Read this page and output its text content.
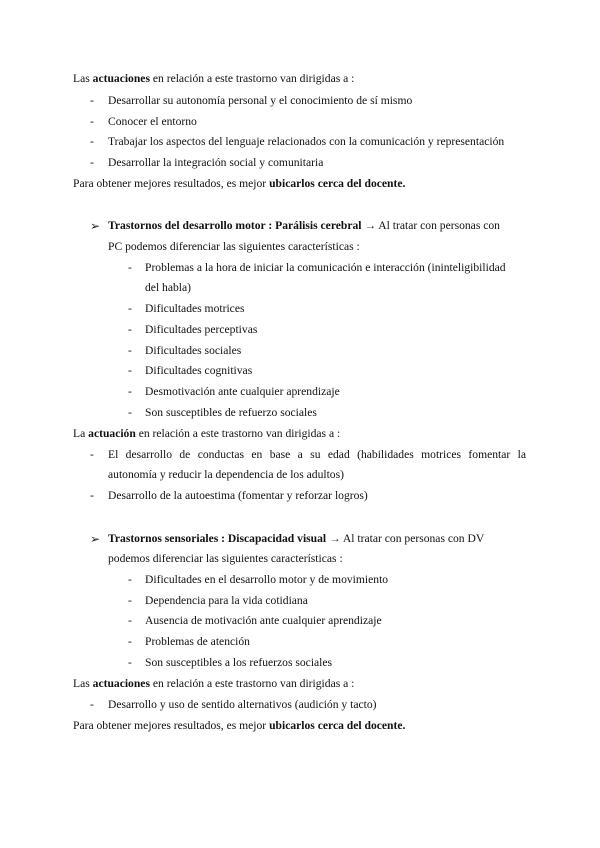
Las actuaciones en relación a este trastorno van dirigidas a :
- Desarrollar su autonomía personal y el conocimiento de sí mismo
- Conocer el entorno
- Trabajar los aspectos del lenguaje relacionados con la comunicación y representación
- Desarrollar la integración social y comunitaria
Para obtener mejores resultados, es mejor ubicarlos cerca del docente.
➢ Trastornos del desarrollo motor : Parálisis cerebral → Al tratar con personas con
PC podemos diferenciar las siguientes características :
- Problemas a la hora de iniciar la comunicación e interacción (ininteligibilidad
del habla)
- Dificultades motrices
- Dificultades perceptivas
- Dificultades sociales
- Dificultades cognitivas
- Desmotivación ante cualquier aprendizaje
- Son susceptibles de refuerzo sociales
La actuación en relación a este trastorno van dirigidas a :
- El desarrollo de conductas en base a su edad (habilidades motrices fomentar la
autonomía y reducir la dependencia de los adultos)
- Desarrollo de la autoestima (fomentar y reforzar logros)
➢ Trastornos sensoriales : Discapacidad visual → Al tratar con personas con DV
podemos diferenciar las siguientes características :
- Dificultades en el desarrollo motor y de movimiento
- Dependencia para la vida cotidiana
- Ausencia de motivación ante cualquier aprendizaje
- Problemas de atención
- Son susceptibles a los refuerzos sociales
Las actuaciones en relación a este trastorno van dirigidas a :
- Desarrollo y uso de sentido alternativos (audición y tacto)
Para obtener mejores resultados, es mejor ubicarlos cerca del docente.
